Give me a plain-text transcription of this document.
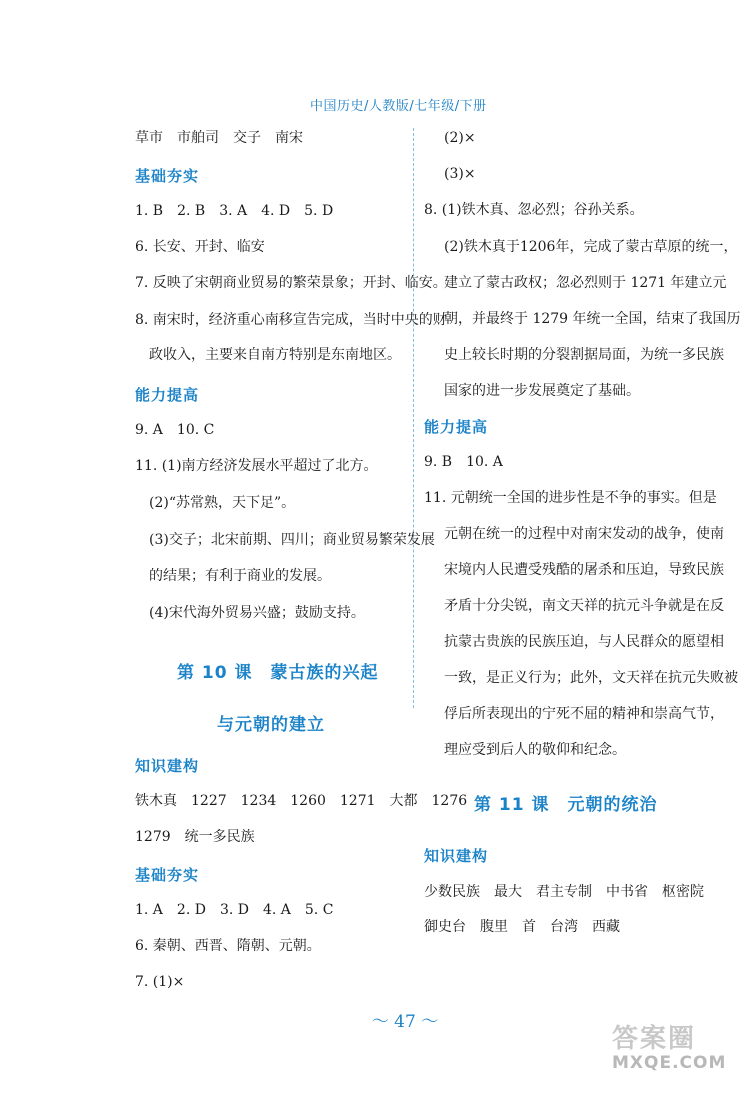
中国历史/人教版/七年级/下册

草市　市舶司　交子　南宋

基础夯实

1. B　2. B　3. A　4. D　5. D

6. 长安、开封、临安

7. 反映了宋朝商业贸易的繁荣景象；开封、临安。

8. 南宋时，经济重心南移宣告完成，当时中央的财

政收入，主要来自南方特别是东南地区。

能力提高

9. A　10. C

11. (1)南方经济发展水平超过了北方。

(2)“苏常熟，天下足”。

(3)交子；北宋前期、四川；商业贸易繁荣发展

的结果；有利于商业的发展。

(4)宋代海外贸易兴盛；鼓励支持。

第 10 课　蒙古族的兴起
与元朝的建立
知识建构

铁木真　1227　1234　1260　1271　大都　1276

1279　统一多民族

基础夯实

1. A　2. D　3. D　4. A　5. C

6. 秦朝、西晋、隋朝、元朝。

7. (1)×

(2)×

(3)×

8. (1)铁木真、忽必烈；谷孙关系。

(2)铁木真于1206年，完成了蒙古草原的统一，

建立了蒙古政权；忽必烈则于 1271 年建立元

朝，并最终于 1279 年统一全国，结束了我国历

史上较长时期的分裂割据局面，为统一多民族

国家的进一步发展奠定了基础。

能力提高

9. B　10. A

11. 元朝统一全国的进步性是不争的事实。但是

元朝在统一的过程中对南宋发动的战争，使南

宋境内人民遭受残酷的屠杀和压迫，导致民族

矛盾十分尖锐，南文天祥的抗元斗争就是在反

抗蒙古贵族的民族压迫，与人民群众的愿望相

一致，是正义行为；此外，文天祥在抗元失败被

俘后所表现出的宁死不屈的精神和崇高气节，

理应受到后人的敬仰和纪念。

第 11 课　元朝的统治
知识建构

少数民族　最大　君主专制　中书省　枢密院

御史台　腹里　首　台湾　西藏

～ 47 ～
答案圈
MXQE.COM
